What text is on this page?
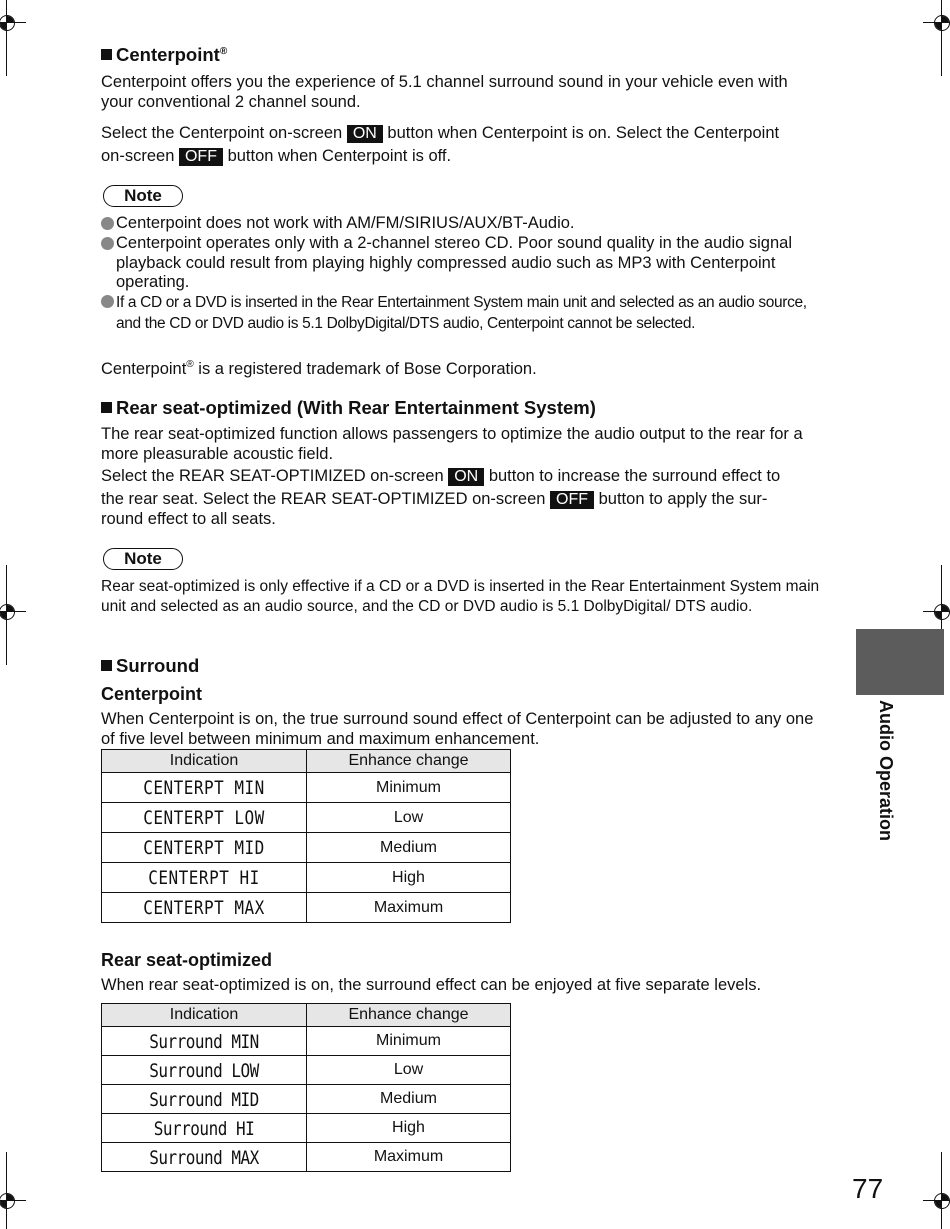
Centerpoint®

Centerpoint offers you the experience of 5.1 channel surround sound in your vehicle even with your conventional 2 channel sound.

Select the Centerpoint on-screen ON button when Centerpoint is on. Select the Centerpoint

on-screen OFF button when Centerpoint is off.

Note
Centerpoint does not work with AM/FM/SIRIUS/AUX/BT-Audio.
Centerpoint operates only with a 2-channel stereo CD. Poor sound quality in the audio signal playback could result from playing highly compressed audio such as MP3 with Centerpoint operating.
If a CD or a DVD is inserted in the Rear Entertainment System main unit and selected as an audio source, and the CD or DVD audio is 5.1 DolbyDigital/DTS audio, Centerpoint cannot be selected.

Centerpoint® is a registered trademark of Bose Corporation.

Rear seat-optimized (With Rear Entertainment System)

The rear seat-optimized function allows passengers to optimize the audio output to the rear for a more pleasurable acoustic field.

Select the REAR SEAT-OPTIMIZED on-screen ON button to increase the surround effect to

the rear seat. Select the REAR SEAT-OPTIMIZED on-screen OFF button to apply the sur-

round effect to all seats.

Note

Rear seat-optimized is only effective if a CD or a DVD is inserted in the Rear Entertainment System main unit and selected as an audio source, and the CD or DVD audio is 5.1 DolbyDigital/ DTS audio.

Surround
Centerpoint

When Centerpoint is on, the true surround sound effect of Centerpoint can be adjusted to any one of five level between minimum and maximum enhancement.

Indication	Enhance change
CENTERPT MIN	Minimum
CENTERPT LOW	Low
CENTERPT MID	Medium
CENTERPT HI	High
CENTERPT MAX	Maximum
Rear seat-optimized

When rear seat-optimized is on, the surround effect can be enjoyed at five separate levels.

Indication	Enhance change
Surround MIN	Minimum
Surround LOW	Low
Surround MID	Medium
Surround HI	High
Surround MAX	Maximum
Audio Operation
77
